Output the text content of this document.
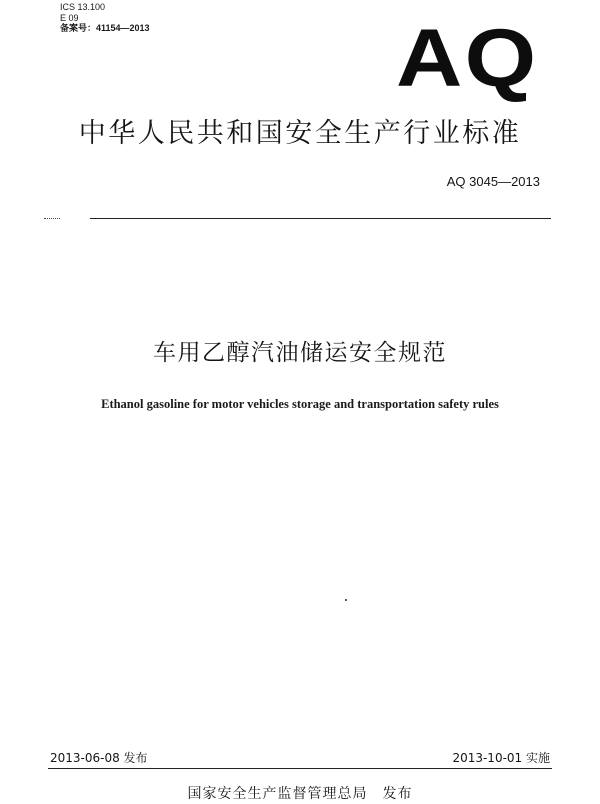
ICS 13.100
E 09
备案号：41154—2013	AQ
中华人民共和国安全生产行业标准
AQ 3045—2013
车用乙醇汽油储运安全规范
Ethanol gasoline for motor vehicles storage and transportation safety rules
2013-06-08 发布	2013-10-01 实施
国家安全生产监督管理总局　发布
